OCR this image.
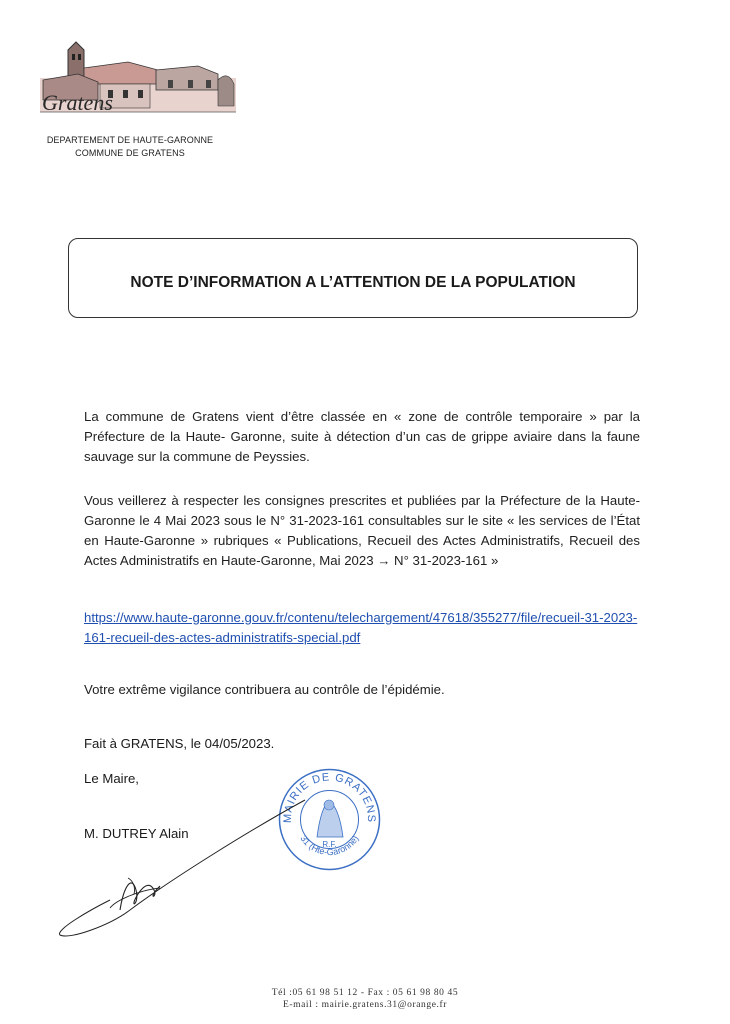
Gratens
DEPARTEMENT DE HAUTE-GARONNE
COMMUNE DE GRATENS
NOTE D’INFORMATION A L’ATTENTION DE LA POPULATION
La commune de Gratens vient d’être classée en « zone de contrôle temporaire » par la Préfecture de la Haute- Garonne, suite à détection d’un cas de grippe aviaire dans la faune sauvage sur la commune de Peyssies.
Vous veillerez à respecter les consignes prescrites et publiées par la Préfecture de la Haute-Garonne le 4 Mai 2023 sous le N° 31-2023-161 consultables sur le site « les services de l’État en Haute-Garonne » rubriques « Publications, Recueil des Actes Administratifs, Recueil des Actes Administratifs en Haute-Garonne, Mai 2023 → N° 31-2023-161 »
https://www.haute-garonne.gouv.fr/contenu/telechargement/47618/355277/file/recueil-31-2023-161-recueil-des-actes-administratifs-special.pdf
Votre extrême vigilance contribuera au contrôle de l’épidémie.
Fait à GRATENS, le 04/05/2023.
Le Maire,
M. DUTREY Alain
MAIRIE DE GRATENS
31 (Hte-Garonne)
R.F.
Tél :05 61 98 51 12 - Fax : 05 61 98 80 45
E-mail : mairie.gratens.31@orange.fr
